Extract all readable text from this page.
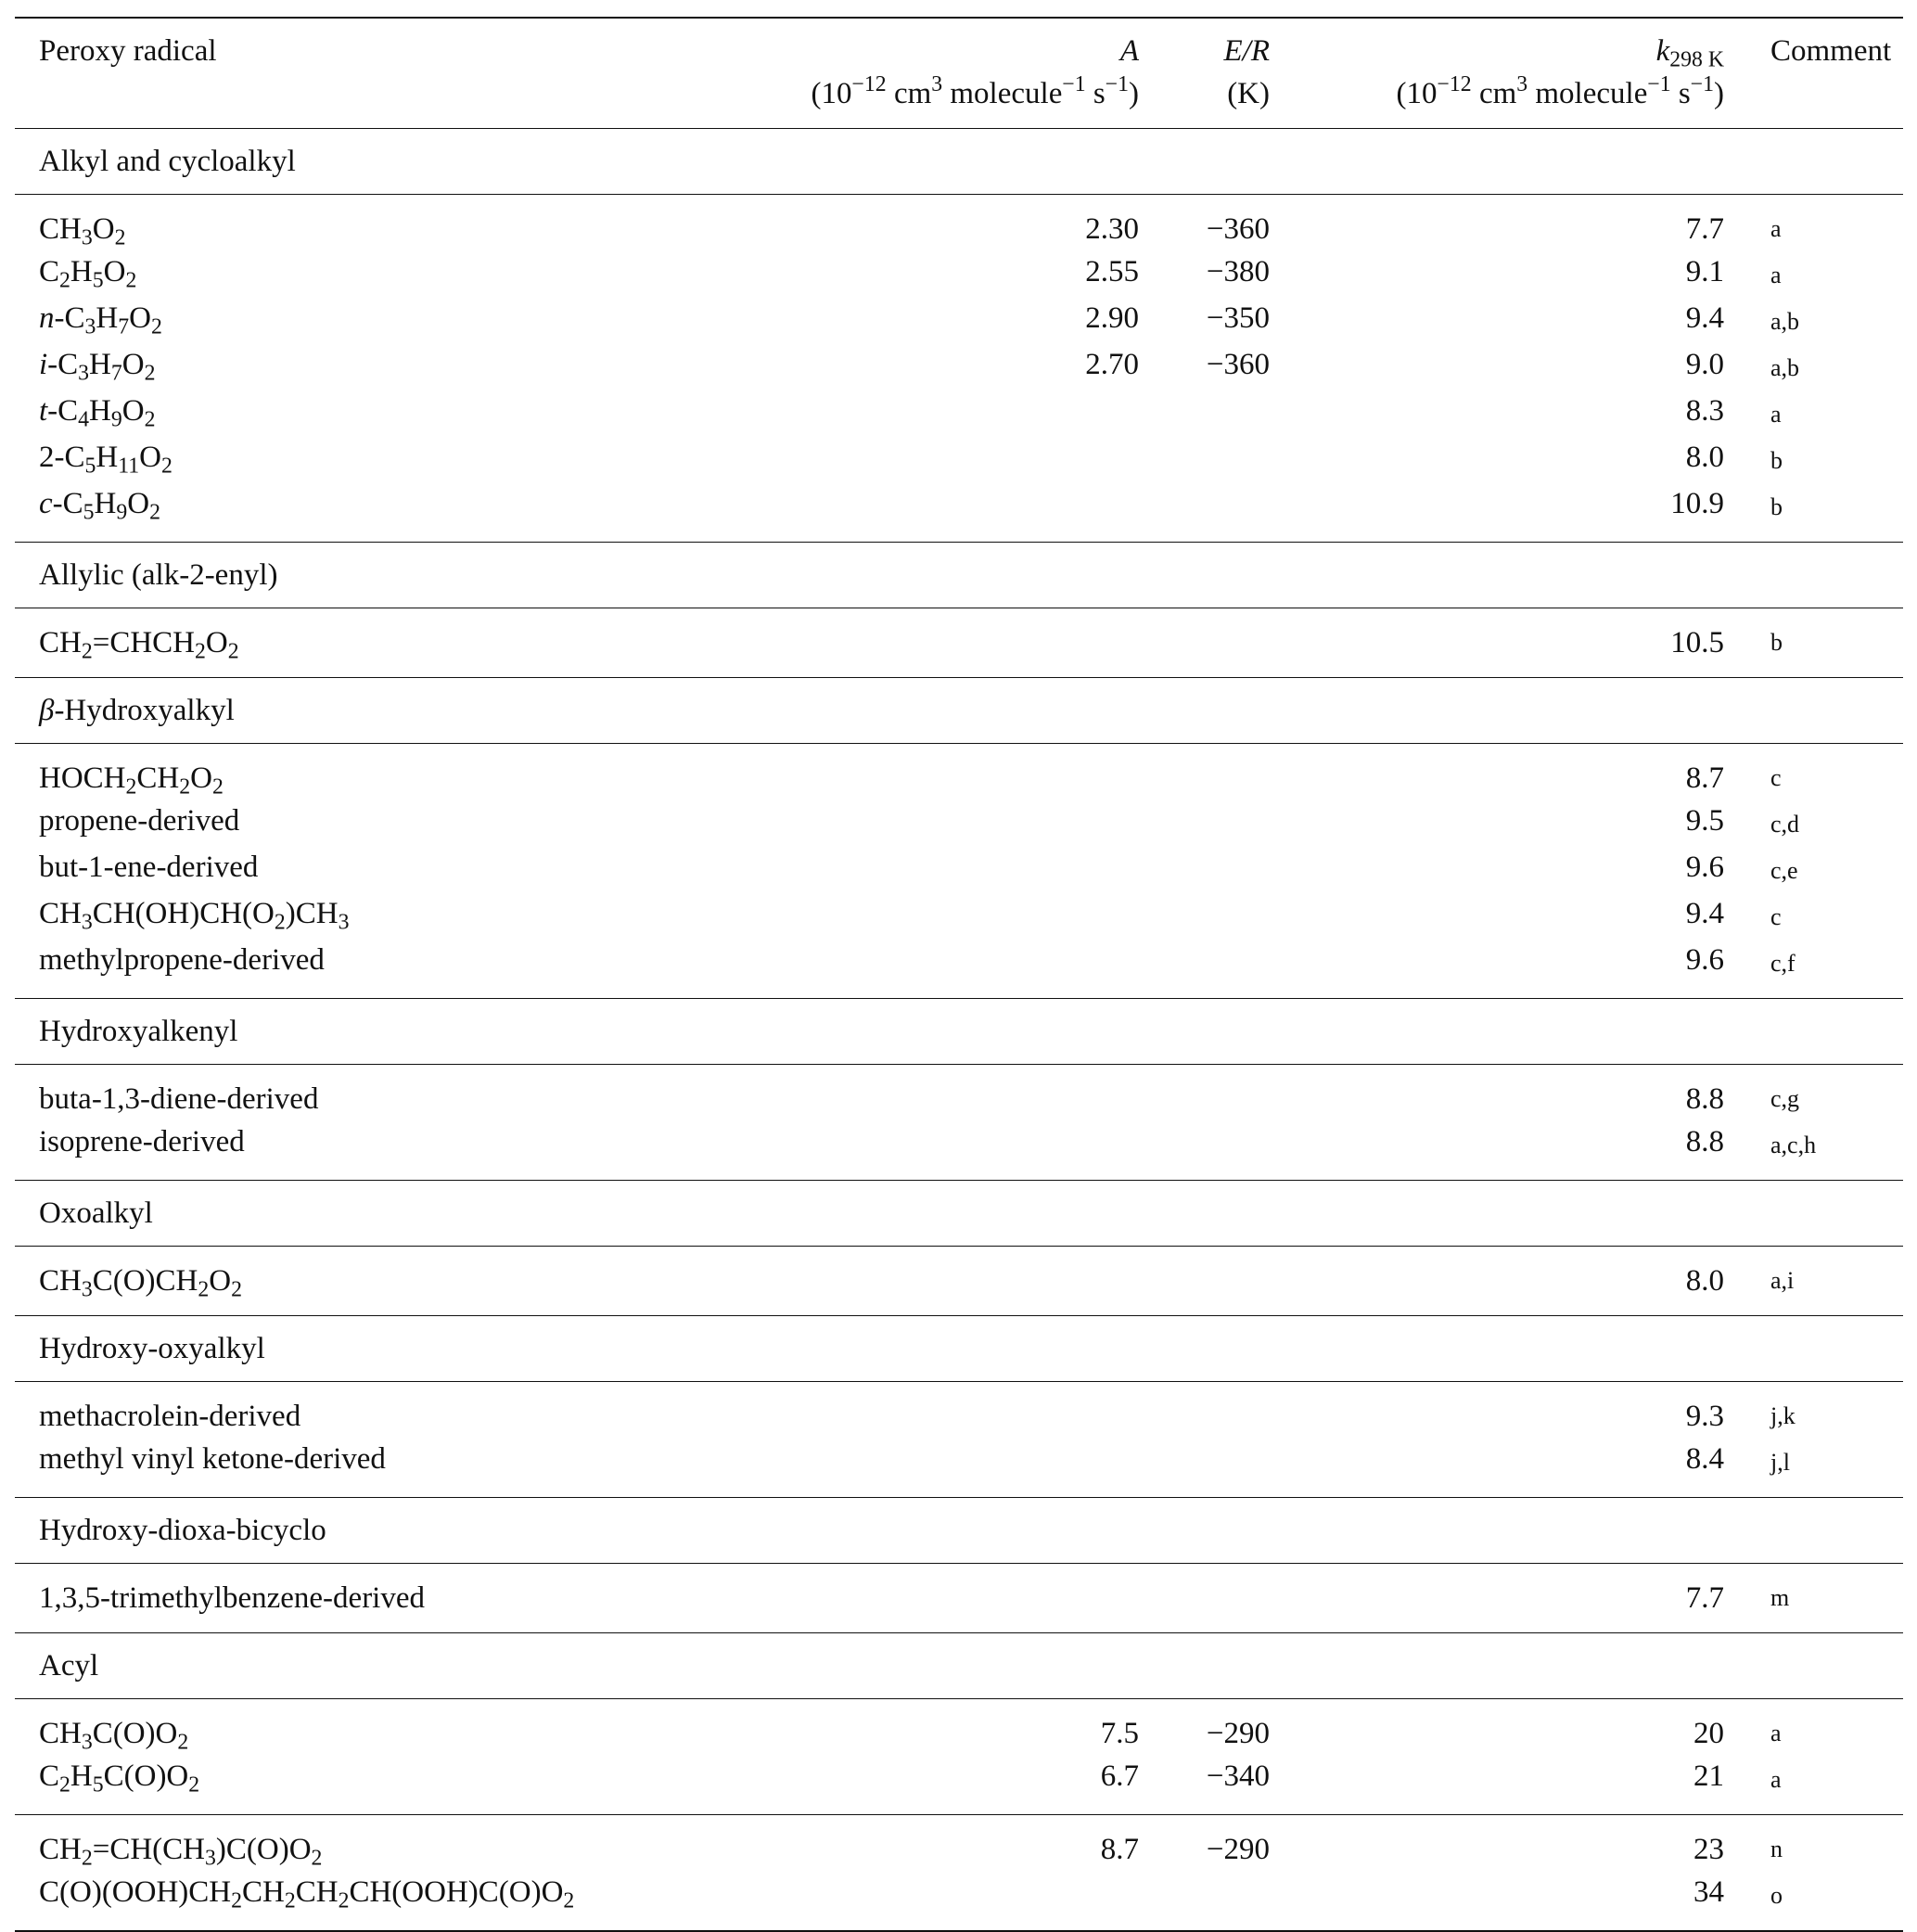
Peroxy radical	A	E/R	$k_{298 K}$	Comment
	($10^{-12}$ $cm^3$ molecule$^{-1}$ $s^{-1}$)	(K)	($10^{-12}$ $cm^3$ molecule$^{-1}$ $s^{-1}$)	
Alkyl and cycloalkyl				
$CH_3O_2$	2.30	−360	7.7	a
$C_2H_5O_2$	2.55	−380	9.1	a
$n-C_3H_7O_2$	2.90	−350	9.4	a,b
$i-C_3H_7O_2$	2.70	−360	9.0	a,b
$t-C_4H_9O_2$			8.3	a
$2-C_5H_{11}O_2$			8.0	b
$c-C_5H_9O_2$			10.9	b
Allylic (alk-2-enyl)				
$CH_2=CHCH_2O_2$			10.5	b
β-Hydroxyalkyl				
$HOCH_2CH_2O_2$			8.7	c
propene-derived			9.5	c,d
but-1-ene-derived			9.6	c,e
$CH_3CH(OH)CH(O_2)CH_3$			9.4	c
methylpropene-derived			9.6	c,f
Hydroxyalkenyl				
buta-1,3-diene-derived			8.8	c,g
isoprene-derived			8.8	a,c,h
Oxoalkyl				
$CH_3C(O)CH_2O_2$			8.0	a,i
Hydroxy-oxyalkyl				
methacrolein-derived			9.3	j,k
methyl vinyl ketone-derived			8.4	j,l
Hydroxy-dioxa-bicyclo				
1,3,5-trimethylbenzene-derived			7.7	m
Acyl				
$CH_3C(O)O_2$	7.5	−290	20	a
$C_2H_5C(O)O_2$	6.7	−340	21	a
$CH_2=CH(CH_3)C(O)O_2$	8.7	−290	23	n
$C(O)(OOH)CH_2CH_2CH_2CH(OOH)C(O)O_2$			34	o
